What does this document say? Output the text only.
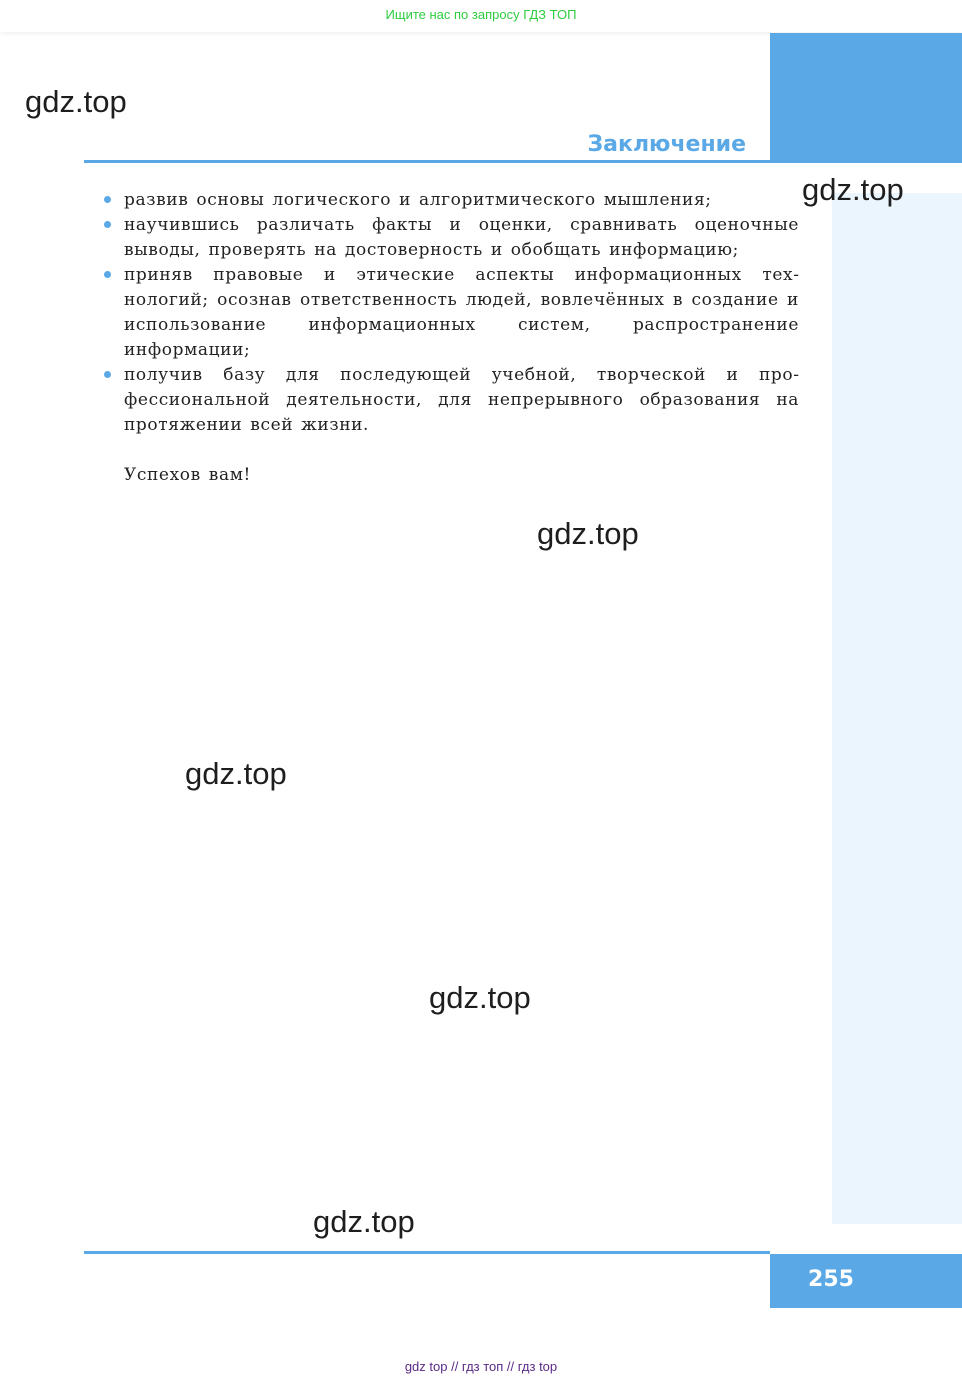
Ищите нас по запросу ГДЗ ТОП
Заключение
gdz.top
gdz.top
gdz.top
gdz.top
gdz.top
gdz.top
развив основы логического и алгоритмического мышления;
научившись различать факты и оценки, сравнивать оценочные выводы, проверять на достоверность и обобщать информацию;
приняв правовые и этические аспекты информационных технологий; осознав ответственность людей, вовлечённых в создание и использование информационных систем, распространение информации;
получив базу для последующей учебной, творческой и профессиональной деятельности, для непрерывного образования на протяжении всей жизни.

Успехов вам!

255
gdz top // гдз топ // гдз top
